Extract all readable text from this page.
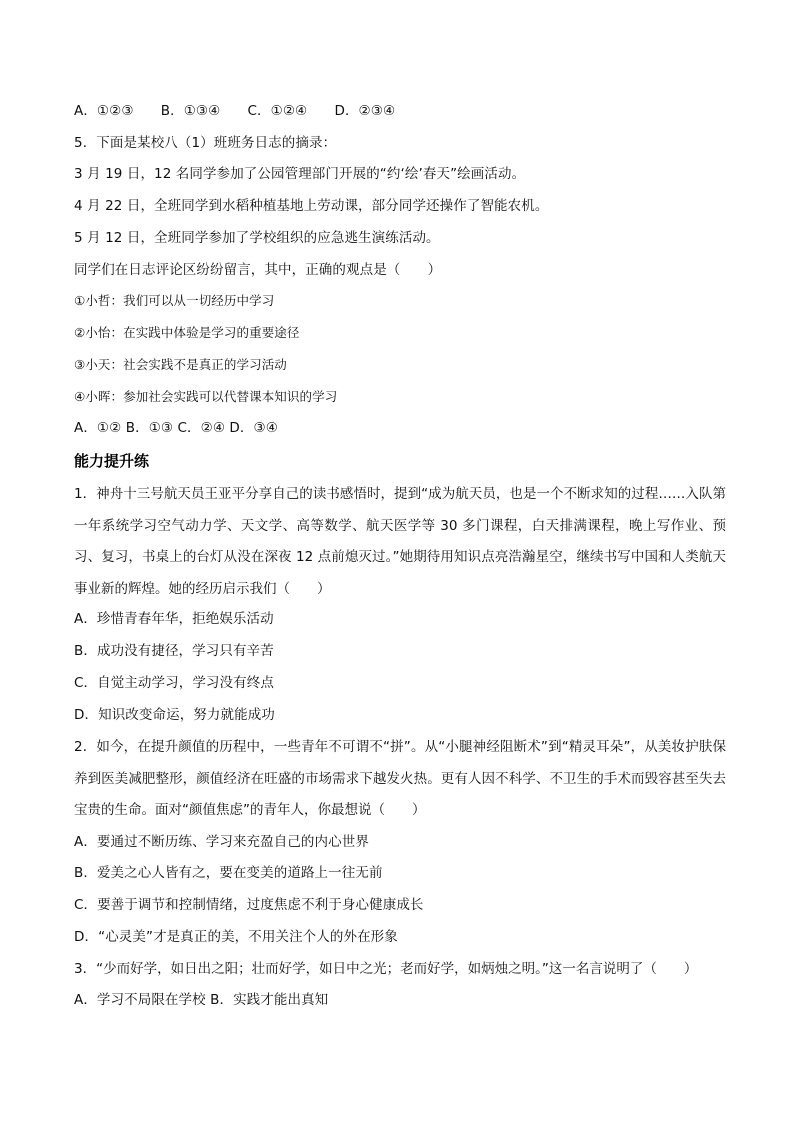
A．①②③　　B．①③④　　C．①②④　　D．②③④
5．下面是某校八（1）班班务日志的摘录：
3 月 19 日，12 名同学参加了公园管理部门开展的“约‘绘’春天”绘画活动。
4 月 22 日，全班同学到水稻种植基地上劳动课，部分同学还操作了智能农机。
5 月 12 日，全班同学参加了学校组织的应急逃生演练活动。
同学们在日志评论区纷纷留言，其中，正确的观点是（　　）
①小哲：我们可以从一切经历中学习
②小怡：在实践中体验是学习的重要途径
③小天：社会实践不是真正的学习活动
④小晖：参加社会实践可以代替课本知识的学习
A．①② B．①③ C．②④ D．③④
能力提升练
1．神舟十三号航天员王亚平分享自己的读书感悟时，提到“成为航天员，也是一个不断求知的过程……入队第一年系统学习空气动力学、天文学、高等数学、航天医学等 30 多门课程，白天排满课程，晚上写作业、预习、复习，书桌上的台灯从没在深夜 12 点前熄灭过。”她期待用知识点亮浩瀚星空，继续书写中国和人类航天事业新的辉煌。她的经历启示我们（　　）
A．珍惜青春年华，拒绝娱乐活动
B．成功没有捷径，学习只有辛苦
C．自觉主动学习，学习没有终点
D．知识改变命运，努力就能成功
2．如今，在提升颜值的历程中，一些青年不可谓不“拼”。从“小腿神经阻断术”到“精灵耳朵”，从美妆护肤保养到医美减肥整形，颜值经济在旺盛的市场需求下越发火热。更有人因不科学、不卫生的手术而毁容甚至失去宝贵的生命。面对“颜值焦虑”的青年人，你最想说（　　）
A．要通过不断历练、学习来充盈自己的内心世界
B．爱美之心人皆有之，要在变美的道路上一往无前
C．要善于调节和控制情绪，过度焦虑不利于身心健康成长
D．“心灵美”才是真正的美，不用关注个人的外在形象
3．“少而好学，如日出之阳；壮而好学，如日中之光；老而好学，如炳烛之明。”这一名言说明了（　　）
A．学习不局限在学校 B．实践才能出真知
